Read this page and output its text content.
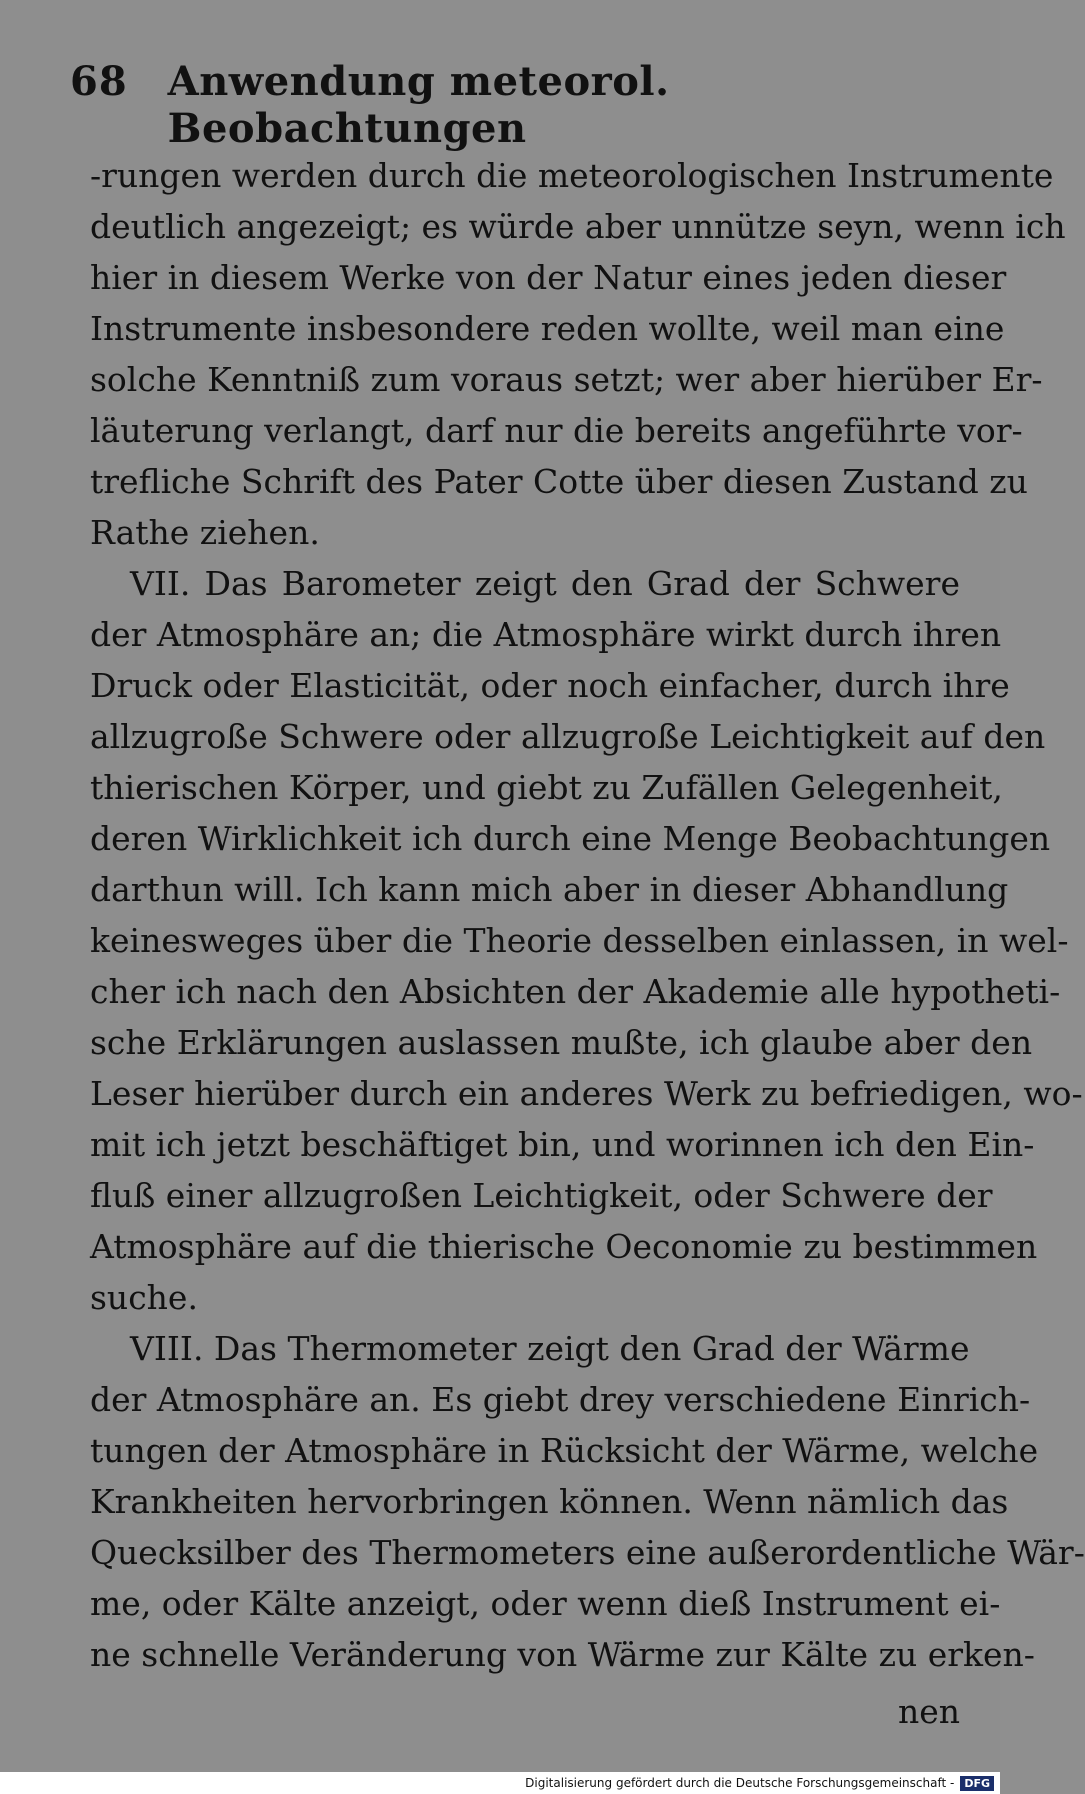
68 Anwendung meteorol. Beobachtungen
-rungen werden durch die meteorologischen Instrumente
deutlich angezeigt; es würde aber unnütze seyn, wenn ich
hier in diesem Werke von der Natur eines jeden dieser
Instrumente insbesondere reden wollte, weil man eine
solche Kenntniß zum voraus setzt; wer aber hierüber Er-
läuterung verlangt, darf nur die bereits angeführte vor-
trefliche Schrift des Pater Cotte über diesen Zustand zu
Rathe ziehen.
VII. Das Barometer zeigt den Grad der Schwere
der Atmosphäre an; die Atmosphäre wirkt durch ihren
Druck oder Elasticität, oder noch einfacher, durch ihre
allzugroße Schwere oder allzugroße Leichtigkeit auf den
thierischen Körper, und giebt zu Zufällen Gelegenheit,
deren Wirklichkeit ich durch eine Menge Beobachtungen
darthun will. Ich kann mich aber in dieser Abhandlung
keinesweges über die Theorie desselben einlassen, in wel-
cher ich nach den Absichten der Akademie alle hypotheti-
sche Erklärungen auslassen mußte, ich glaube aber den
Leser hierüber durch ein anderes Werk zu befriedigen, wo-
mit ich jetzt beschäftiget bin, und worinnen ich den Ein-
fluß einer allzugroßen Leichtigkeit, oder Schwere der
Atmosphäre auf die thierische Oeconomie zu bestimmen
suche.
VIII. Das Thermometer zeigt den Grad der Wärme
der Atmosphäre an. Es giebt drey verschiedene Einrich-
tungen der Atmosphäre in Rücksicht der Wärme, welche
Krankheiten hervorbringen können. Wenn nämlich das
Quecksilber des Thermometers eine außerordentliche Wär-
me, oder Kälte anzeigt, oder wenn dieß Instrument ei-
ne schnelle Veränderung von Wärme zur Kälte zu erken-
nen
Digitalisierung gefördert durch die Deutsche Forschungsgemeinschaft - DFG
